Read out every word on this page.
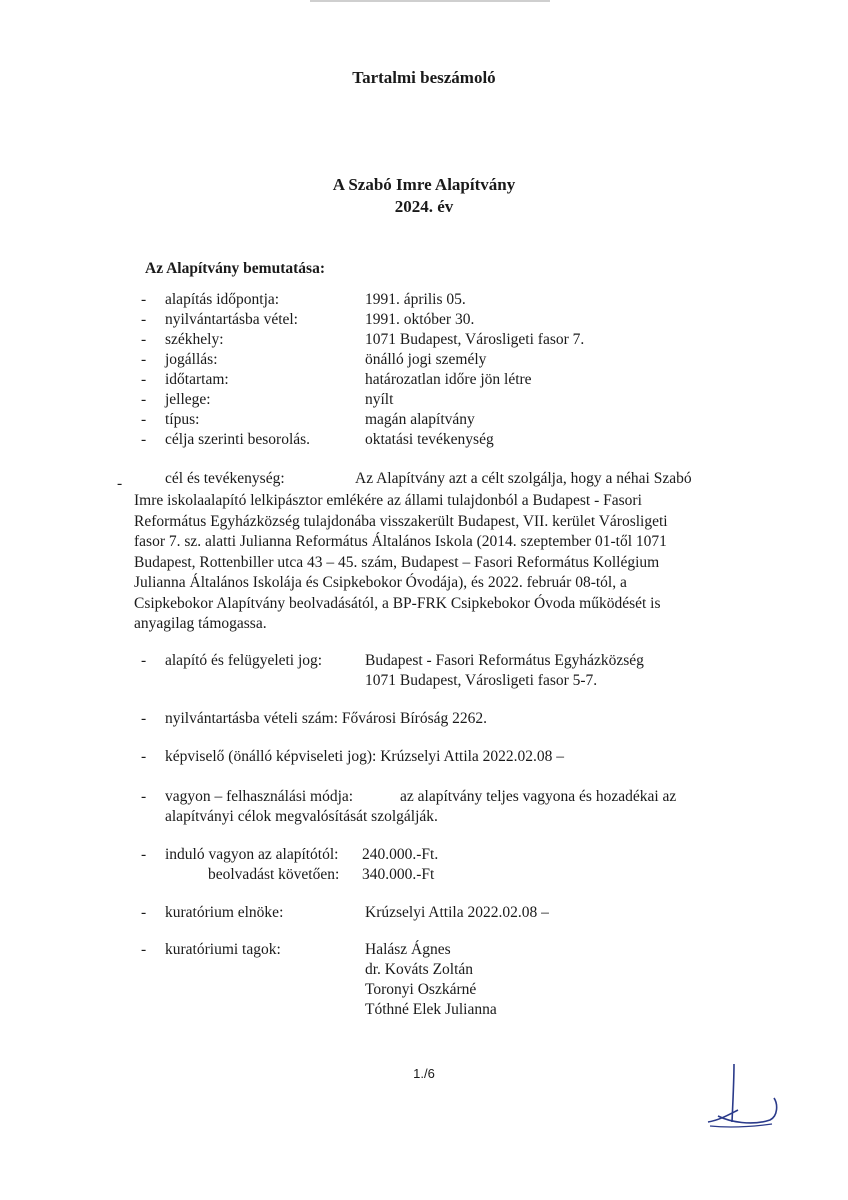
Tartalmi beszámoló
A Szabó Imre Alapítvány
2024. év
Az Alapítvány bemutatása:
- alapítás időpontja:	1991. április 05.
- nyilvántartásba vétel:	1991. október 30.
- székhely:	1071 Budapest, Városligeti fasor 7.
- jogállás:	önálló jogi személy
- időtartam:	határozatlan időre jön létre
- jellege:	nyílt
- típus:	magán alapítvány
- célja szerinti besorolás.	oktatási tevékenység
-	cél és tevékenység:	Az Alapítvány azt a célt szolgálja, hogy a néhai Szabó
Imre iskolaalapító lelkipásztor emlékére az állami tulajdonból a Budapest - Fasori
Református Egyházközség tulajdonába visszakerült Budapest, VII. kerület Városligeti
fasor 7. sz. alatti Julianna Református Általános Iskola (2014. szeptember 01-től 1071
Budapest, Rottenbiller utca 43 – 45. szám, Budapest – Fasori Református Kollégium
Julianna Általános Iskolája és Csipkebokor Óvodája), és 2022. február 08-tól, a
Csipkebokor Alapítvány beolvadásától, a BP-FRK Csipkebokor Óvoda működését is
anyagilag támogassa.
- alapító és felügyeleti jog:	Budapest - Fasori Református Egyházközség
1071 Budapest, Városligeti fasor 5-7.
- nyilvántartásba vételi szám: Fővárosi Bíróság 2262.
- képviselő (önálló képviseleti jog): Krúzselyi Attila 2022.02.08 –
- vagyon – felhasználási módja:	az alapítvány teljes vagyona és hozadékai az
alapítványi célok megvalósítását szolgálják.
- induló vagyon az alapítótól: 240.000.-Ft.
beolvadást követően: 340.000.-Ft
- kuratórium elnöke:	Krúzselyi Attila 2022.02.08 –
- kuratóriumi tagok:	Halász Ágnes
dr. Kováts Zoltán
Toronyi Oszkárné
Tóthné Elek Julianna
1./6
